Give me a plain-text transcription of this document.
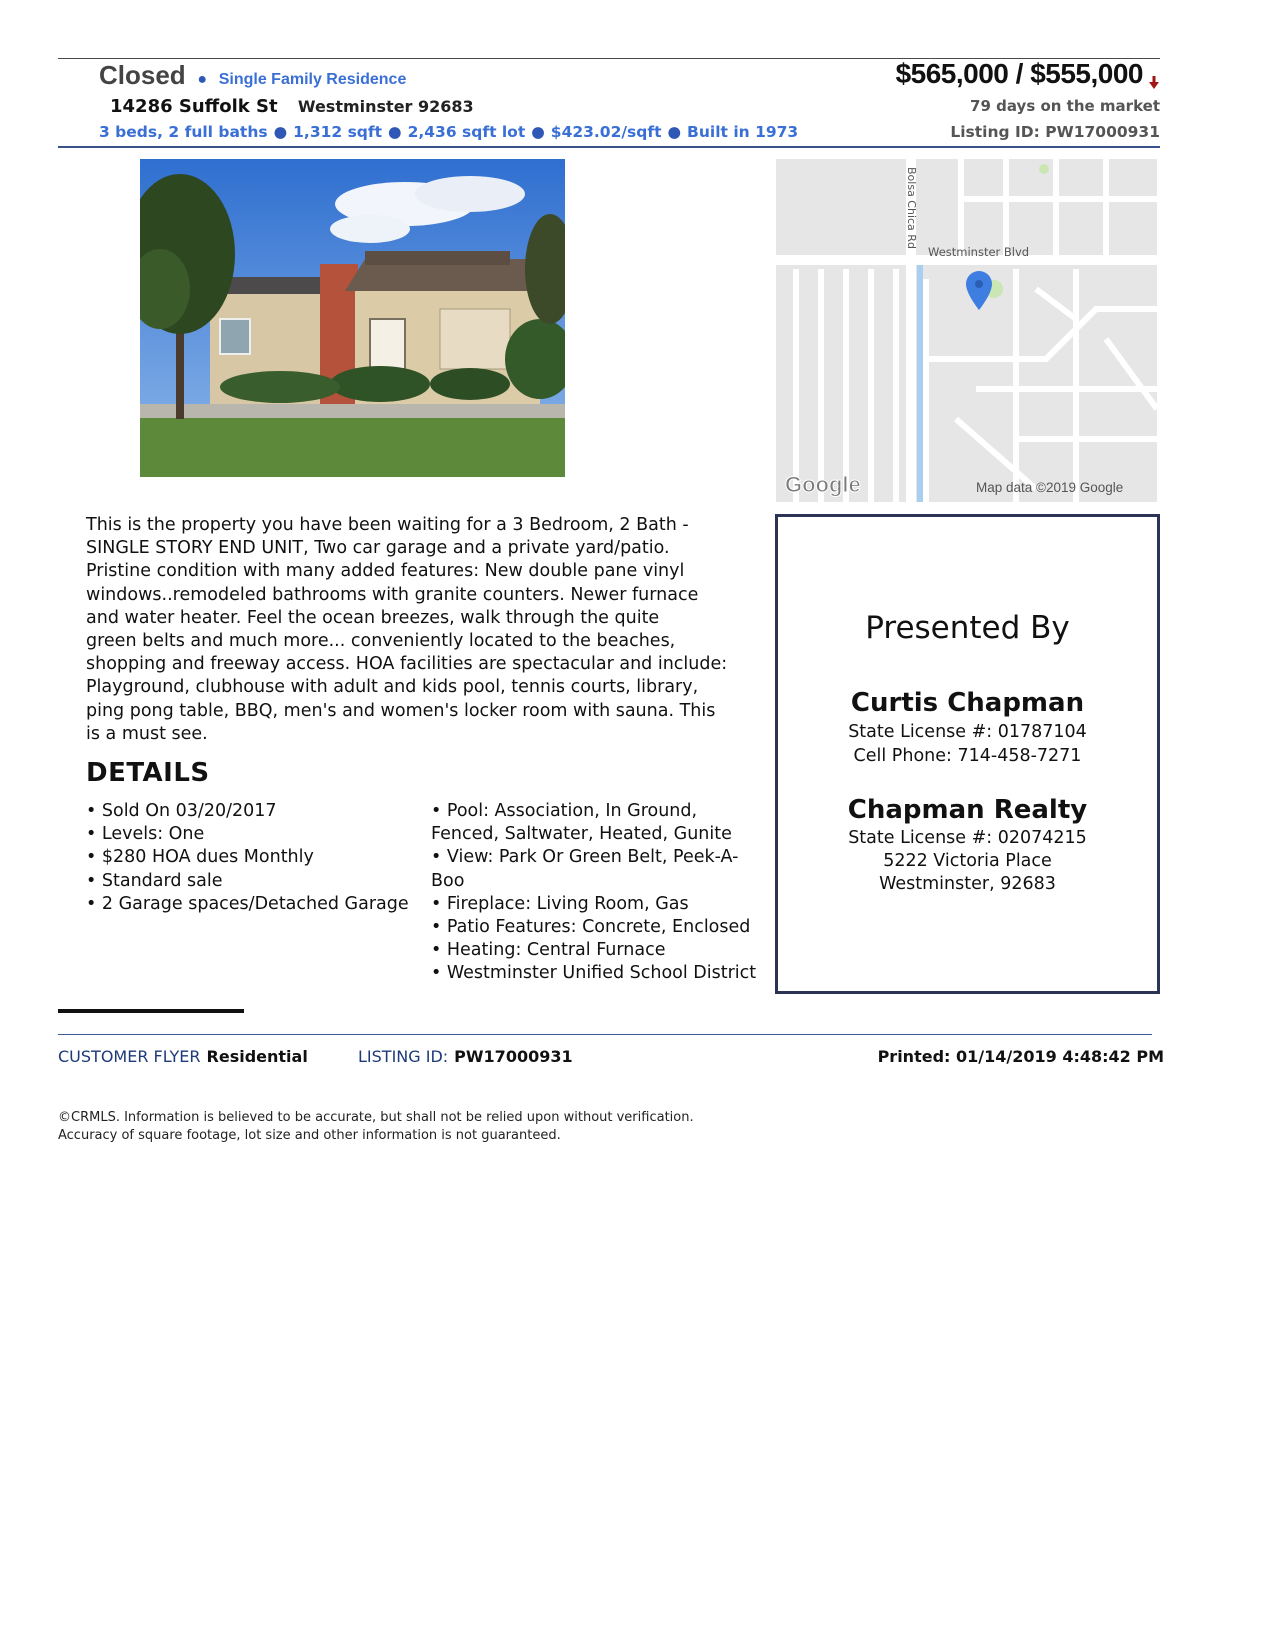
Closed  ●  Single Family Residence
14286 Suffolk St Westminster 92683
3 beds, 2 full baths ● 1,312 sqft ● 2,436 sqft lot ● $423.02/sqft ● Built in 1973
$565,000 / $555,000
79 days on the market
Listing ID: PW17000931
Bolsa Chica Rd
Westminster Blvd
Google	Map data ©2019 Google
This is the property you have been waiting for a 3 Bedroom, 2 Bath -
SINGLE STORY END UNIT, Two car garage and a private yard/patio.
Pristine condition with many added features: New double pane vinyl
windows..remodeled bathrooms with granite counters. Newer furnace
and water heater. Feel the ocean breezes, walk through the quite
green belts and much more... conveniently located to the beaches,
shopping and freeway access. HOA facilities are spectacular and include:
Playground, clubhouse with adult and kids pool, tennis courts, library,
ping pong table, BBQ, men's and women's locker room with sauna. This
is a must see.
DETAILS
• Sold On 03/20/2017
• Levels: One
• $280 HOA dues Monthly
• Standard sale
• 2 Garage spaces/Detached Garage
• Pool: Association, In Ground,
Fenced, Saltwater, Heated, Gunite
• View: Park Or Green Belt, Peek-A-
Boo
• Fireplace: Living Room, Gas
• Patio Features: Concrete, Enclosed
• Heating: Central Furnace
• Westminster Unified School District
Presented By
Curtis Chapman
State License #: 01787104
Cell Phone: 714-458-7271
Chapman Realty
State License #: 02074215
5222 Victoria Place
Westminster, 92683
CUSTOMER FLYER Residential	LISTING ID: PW17000931	Printed: 01/14/2019 4:48:42 PM
©CRMLS. Information is believed to be accurate, but shall not be relied upon without verification.
Accuracy of square footage, lot size and other information is not guaranteed.
